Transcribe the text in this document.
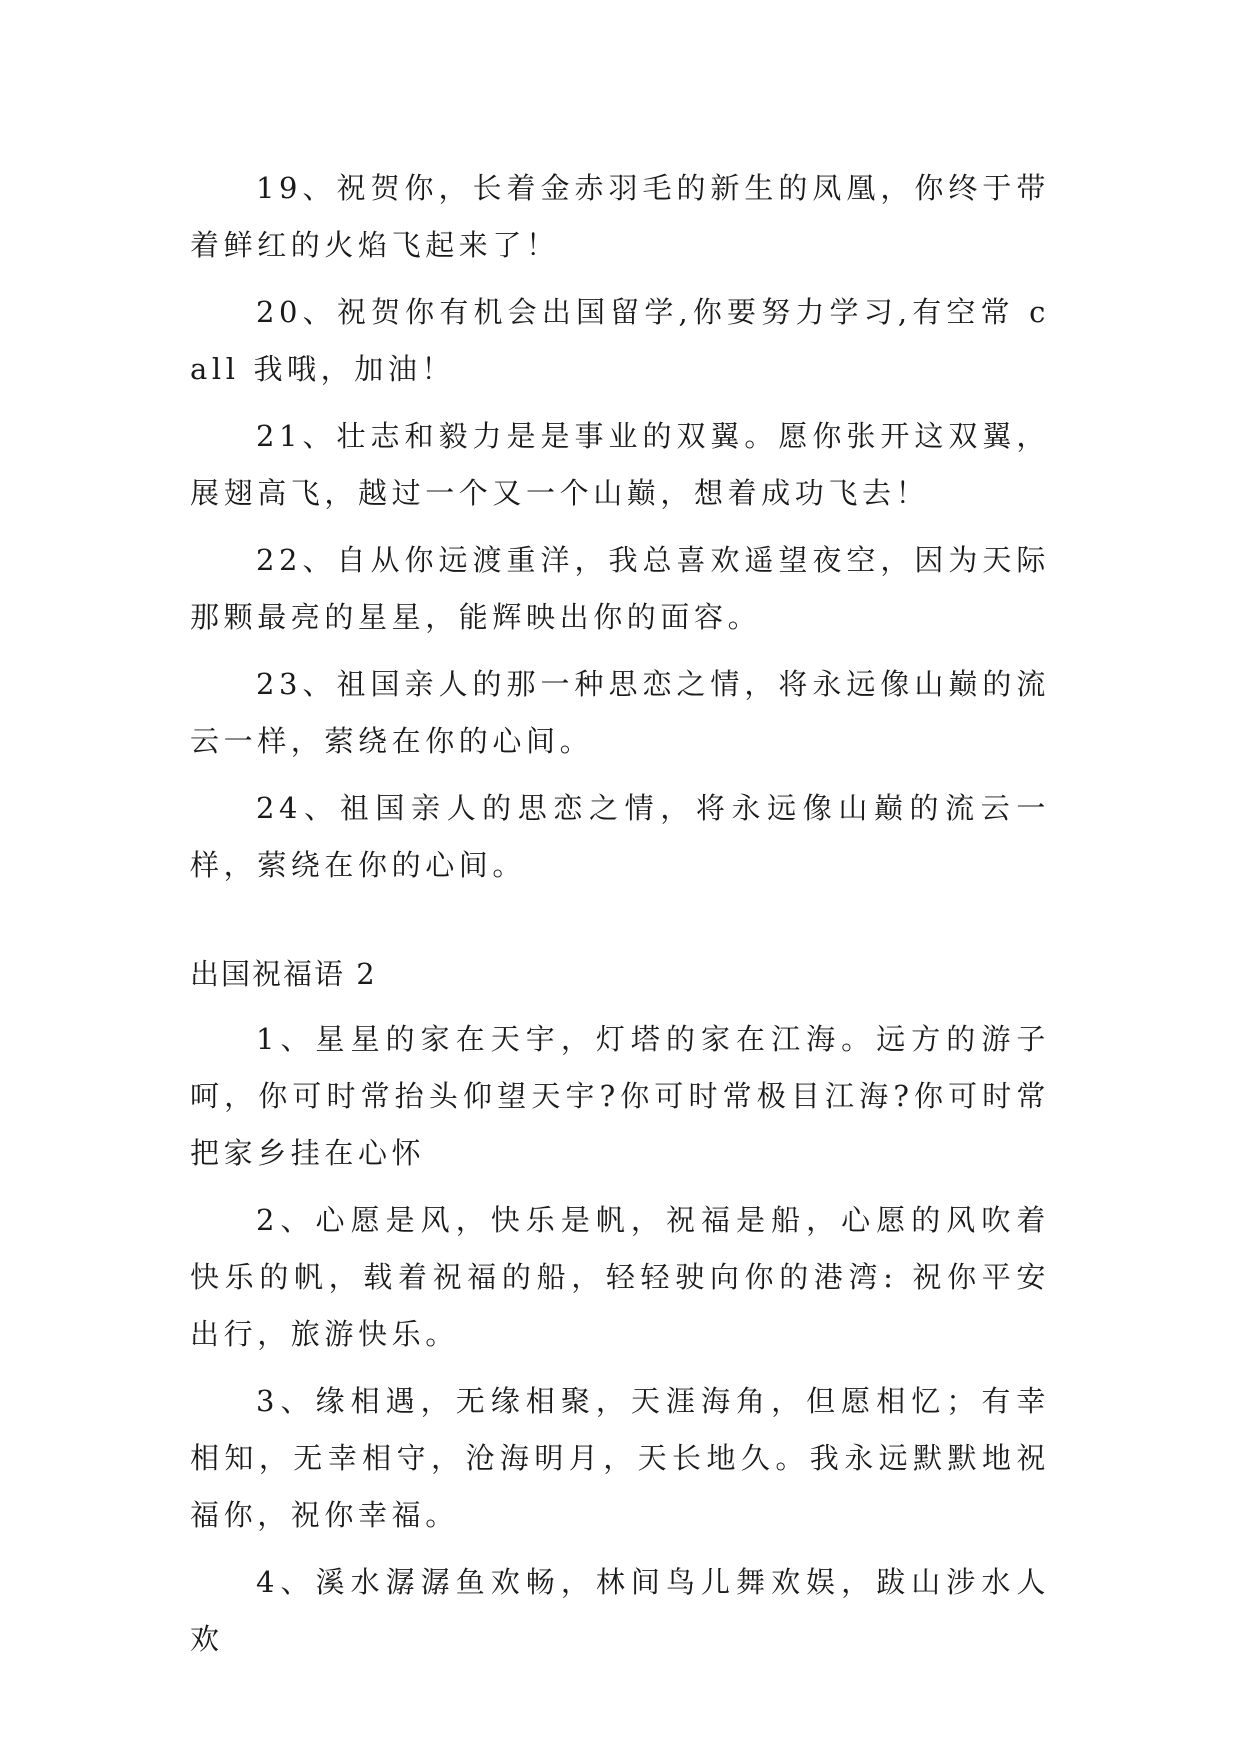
19、祝贺你，长着金赤羽毛的新生的凤凰，你终于带着鲜红的火焰飞起来了！

20、祝贺你有机会出国留学,你要努力学习,有空常 call 我哦，加油！

21、壮志和毅力是是事业的双翼。愿你张开这双翼，展翅高飞，越过一个又一个山巅，想着成功飞去！

22、自从你远渡重洋，我总喜欢遥望夜空，因为天际那颗最亮的星星，能辉映出你的面容。

23、祖国亲人的那一种思恋之情，将永远像山巅的流云一样，萦绕在你的心间。

24、祖国亲人的思恋之情，将永远像山巅的流云一样，萦绕在你的心间。

出国祝福语 2

1、星星的家在天宇，灯塔的家在江海。远方的游子呵，你可时常抬头仰望天宇?你可时常极目江海?你可时常把家乡挂在心怀

2、心愿是风，快乐是帆，祝福是船，心愿的风吹着快乐的帆，载着祝福的船，轻轻驶向你的港湾: 祝你平安出行，旅游快乐。

3、缘相遇，无缘相聚，天涯海角，但愿相忆；有幸相知，无幸相守，沧海明月，天长地久。我永远默默地祝福你，祝你幸福。

4、溪水潺潺鱼欢畅，林间鸟儿舞欢娱，跋山涉水人欢
